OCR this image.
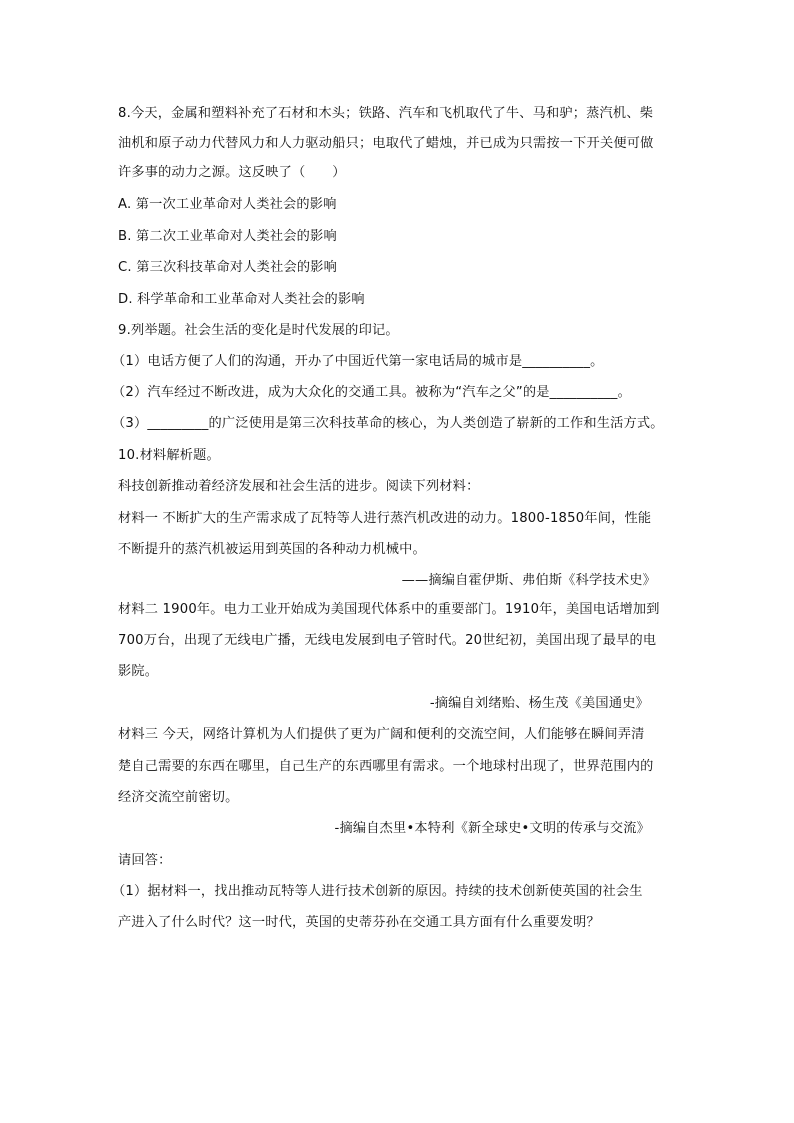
8.今天，金属和塑料补充了石材和木头；铁路、汽车和飞机取代了牛、马和驴；蒸汽机、柴
油机和原子动力代替风力和人力驱动船只；电取代了蜡烛，并已成为只需按一下开关便可做
许多事的动力之源。这反映了（　　）
A. 第一次工业革命对人类社会的影响
B. 第二次工业革命对人类社会的影响
C. 第三次科技革命对人类社会的影响
D. 科学革命和工业革命对人类社会的影响
9.列举题。社会生活的变化是时代发展的印记。
（1）电话方便了人们的沟通，开办了中国近代第一家电话局的城市是__________。
（2）汽车经过不断改进，成为大众化的交通工具。被称为“汽车之父”的是__________。
（3）_________的广泛使用是第三次科技革命的核心，为人类创造了崭新的工作和生活方式。
10.材料解析题。
科技创新推动着经济发展和社会生活的进步。阅读下列材料：
材料一 不断扩大的生产需求成了瓦特等人进行蒸汽机改进的动力。1800-1850年间，性能
不断提升的蒸汽机被运用到英国的各种动力机械中。
——摘编自霍伊斯、弗伯斯《科学技术史》
材料二 1900年。电力工业开始成为美国现代体系中的重要部门。1910年，美国电话增加到
700万台，出现了无线电广播，无线电发展到电子管时代。20世纪初，美国出现了最早的电
影院。
-摘编自刘绪贻、杨生茂《美国通史》
材料三 今天，网络计算机为人们提供了更为广阔和便利的交流空间，人们能够在瞬间弄清
楚自己需要的东西在哪里，自己生产的东西哪里有需求。一个地球村出现了，世界范围内的
经济交流空前密切。
-摘编自杰里•本特利《新全球史•文明的传承与交流》
请回答：
（1）据材料一，找出推动瓦特等人进行技术创新的原因。持续的技术创新使英国的社会生
产进入了什么时代？这一时代，英国的史蒂芬孙在交通工具方面有什么重要发明？
